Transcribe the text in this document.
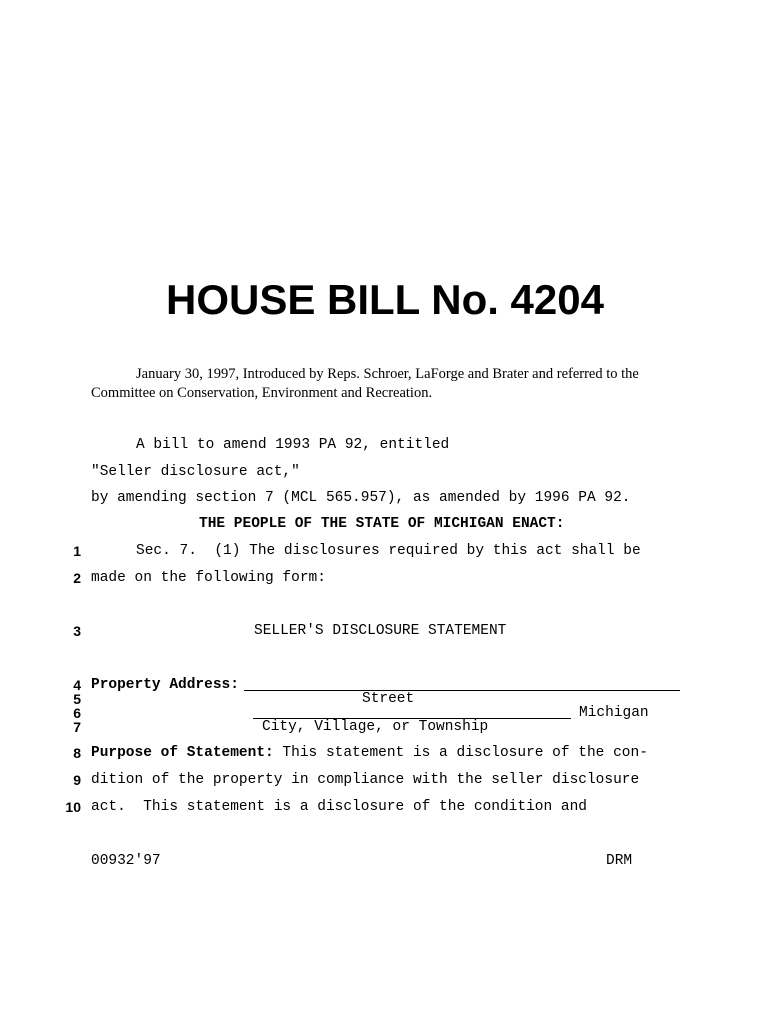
HOUSE BILL No. 4204
January 30, 1997, Introduced by Reps. Schroer, LaForge and Brater and referred to the
Committee on Conservation, Environment and Recreation.
A bill to amend 1993 PA 92, entitled
"Seller disclosure act,"
by amending section 7 (MCL 565.957), as amended by 1996 PA 92.
THE PEOPLE OF THE STATE OF MICHIGAN ENACT:
1
2
3
4
5
6
7
8
9
10
Sec. 7.  (1) The disclosures required by this act shall be
made on the following form:
SELLER'S DISCLOSURE STATEMENT
Property Address:
Street
Michigan
City, Village, or Township
Purpose of Statement: This statement is a disclosure of the con-
dition of the property in compliance with the seller disclosure
act.  This statement is a disclosure of the condition and
00932'97	DRM
